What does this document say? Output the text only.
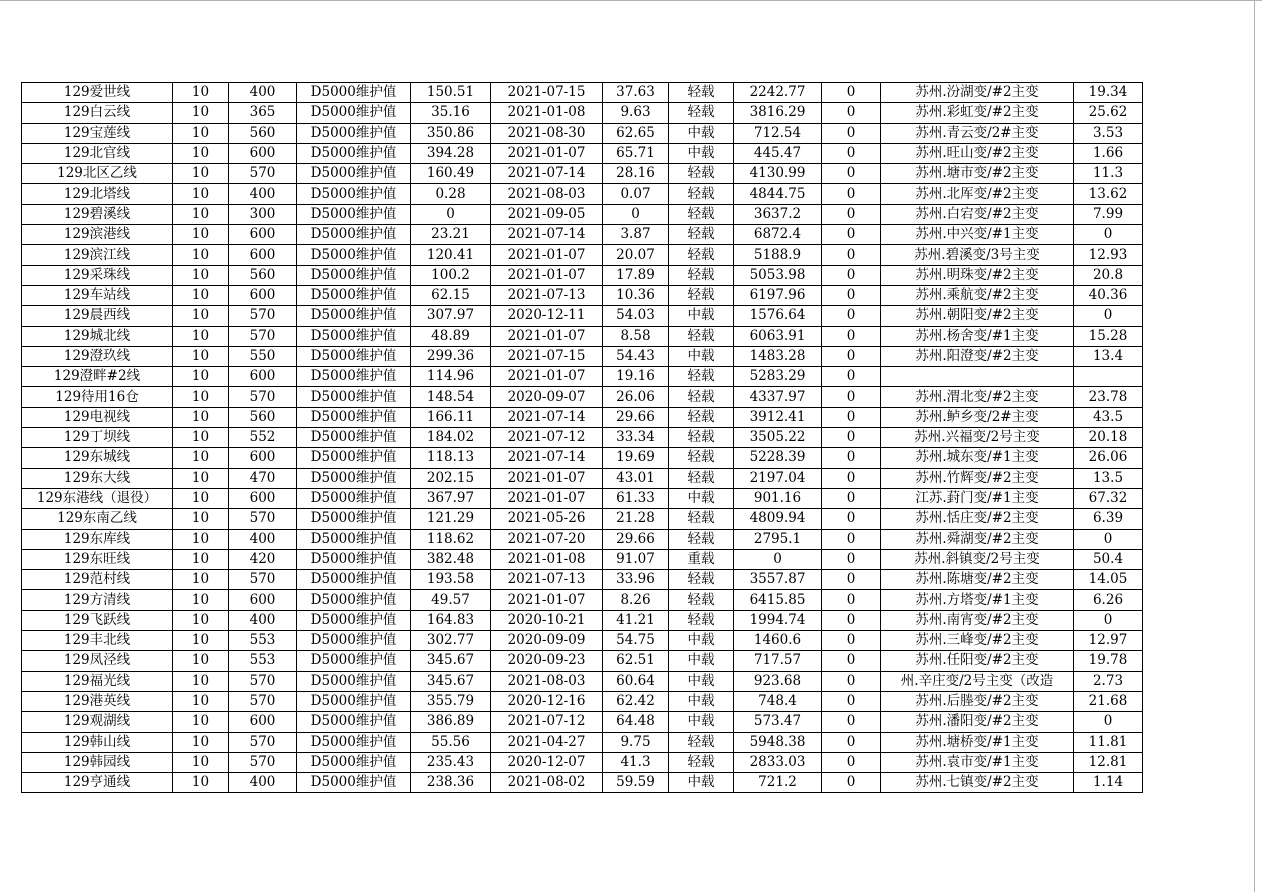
129爱世线	10	400	D5000维护值	150.51	2021-07-15	37.63	轻载	2242.77	0	苏州.汾湖变/#2主变	19.34
129白云线	10	365	D5000维护值	35.16	2021-01-08	9.63	轻载	3816.29	0	苏州.彩虹变/#2主变	25.62
129宝莲线	10	560	D5000维护值	350.86	2021-08-30	62.65	中载	712.54	0	苏州.青云变/2#主变	3.53
129北官线	10	600	D5000维护值	394.28	2021-01-07	65.71	中载	445.47	0	苏州.旺山变/#2主变	1.66
129北区乙线	10	570	D5000维护值	160.49	2021-07-14	28.16	轻载	4130.99	0	苏州.塘市变/#2主变	11.3
129北塔线	10	400	D5000维护值	0.28	2021-08-03	0.07	轻载	4844.75	0	苏州.北厍变/#2主变	13.62
129碧溪线	10	300	D5000维护值	0	2021-09-05	0	轻载	3637.2	0	苏州.白宕变/#2主变	7.99
129滨港线	10	600	D5000维护值	23.21	2021-07-14	3.87	轻载	6872.4	0	苏州.中兴变/#1主变	0
129滨江线	10	600	D5000维护值	120.41	2021-01-07	20.07	轻载	5188.9	0	苏州.碧溪变/3号主变	12.93
129采珠线	10	560	D5000维护值	100.2	2021-01-07	17.89	轻载	5053.98	0	苏州.明珠变/#2主变	20.8
129车站线	10	600	D5000维护值	62.15	2021-07-13	10.36	轻载	6197.96	0	苏州.乘航变/#2主变	40.36
129晨西线	10	570	D5000维护值	307.97	2020-12-11	54.03	中载	1576.64	0	苏州.朝阳变/#2主变	0
129城北线	10	570	D5000维护值	48.89	2021-01-07	8.58	轻载	6063.91	0	苏州.杨舍变/#1主变	15.28
129澄玖线	10	550	D5000维护值	299.36	2021-07-15	54.43	中载	1483.28	0	苏州.阳澄变/#2主变	13.4
129澄畔#2线	10	600	D5000维护值	114.96	2021-01-07	19.16	轻载	5283.29	0		
129待用16仓	10	570	D5000维护值	148.54	2020-09-07	26.06	轻载	4337.97	0	苏州.渭北变/#2主变	23.78
129电视线	10	560	D5000维护值	166.11	2021-07-14	29.66	轻载	3912.41	0	苏州.鲈乡变/2#主变	43.5
129丁坝线	10	552	D5000维护值	184.02	2021-07-12	33.34	轻载	3505.22	0	苏州.兴福变/2号主变	20.18
129东城线	10	600	D5000维护值	118.13	2021-07-14	19.69	轻载	5228.39	0	苏州.城东变/#1主变	26.06
129东大线	10	470	D5000维护值	202.15	2021-01-07	43.01	轻载	2197.04	0	苏州.竹辉变/#2主变	13.5
129东港线（退役）	10	600	D5000维护值	367.97	2021-01-07	61.33	中载	901.16	0	江苏.葑门变/#1主变	67.32
129东南乙线	10	570	D5000维护值	121.29	2021-05-26	21.28	轻载	4809.94	0	苏州.恬庄变/#2主变	6.39
129东库线	10	400	D5000维护值	118.62	2021-07-20	29.66	轻载	2795.1	0	苏州.舜湖变/#2主变	0
129东旺线	10	420	D5000维护值	382.48	2021-01-08	91.07	重载	0	0	苏州.斜镇变/2号主变	50.4
129范村线	10	570	D5000维护值	193.58	2021-07-13	33.96	轻载	3557.87	0	苏州.陈塘变/#2主变	14.05
129方清线	10	600	D5000维护值	49.57	2021-01-07	8.26	轻载	6415.85	0	苏州.方塔变/#1主变	6.26
129飞跃线	10	400	D5000维护值	164.83	2020-10-21	41.21	轻载	1994.74	0	苏州.南宵变/#2主变	0
129丰北线	10	553	D5000维护值	302.77	2020-09-09	54.75	中载	1460.6	0	苏州.三峰变/#2主变	12.97
129凤泾线	10	553	D5000维护值	345.67	2020-09-23	62.51	中载	717.57	0	苏州.任阳变/#2主变	19.78
129福光线	10	570	D5000维护值	345.67	2021-08-03	60.64	中载	923.68	0	州.辛庄变/2号主变（改造	2.73
129港英线	10	570	D5000维护值	355.79	2020-12-16	62.42	中载	748.4	0	苏州.后塍变/#2主变	21.68
129观湖线	10	600	D5000维护值	386.89	2021-07-12	64.48	中载	573.47	0	苏州.潘阳变/#2主变	0
129韩山线	10	570	D5000维护值	55.56	2021-04-27	9.75	轻载	5948.38	0	苏州.塘桥变/#1主变	11.81
129韩园线	10	570	D5000维护值	235.43	2020-12-07	41.3	轻载	2833.03	0	苏州.袁市变/#1主变	12.81
129亨通线	10	400	D5000维护值	238.36	2021-08-02	59.59	中载	721.2	0	苏州.七镇变/#2主变	1.14
